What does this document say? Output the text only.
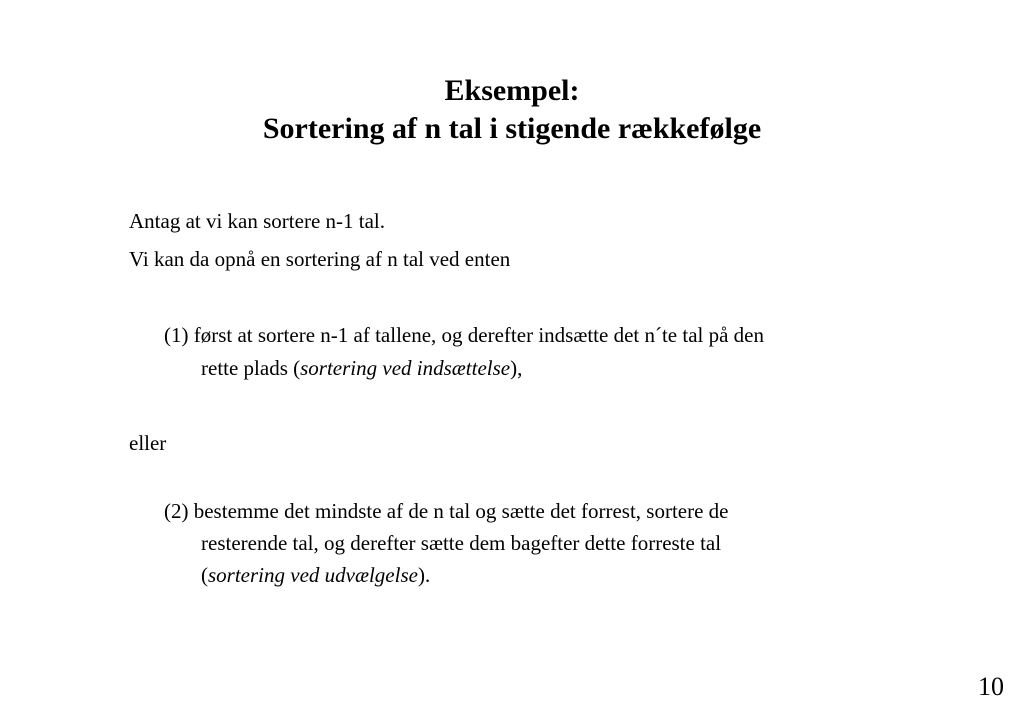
Eksempel:
Sortering af n tal i stigende rækkefølge
Antag at vi kan sortere n-1 tal.
Vi kan da opnå en sortering af n tal ved enten
(1) først at sortere n-1 af tallene, og derefter indsætte det n´te tal på den
rette plads (sortering ved indsættelse),
eller
(2) bestemme det mindste af de n tal og sætte det forrest, sortere de
resterende tal, og derefter sætte dem bagefter dette forreste tal
(sortering ved udvælgelse).
10
